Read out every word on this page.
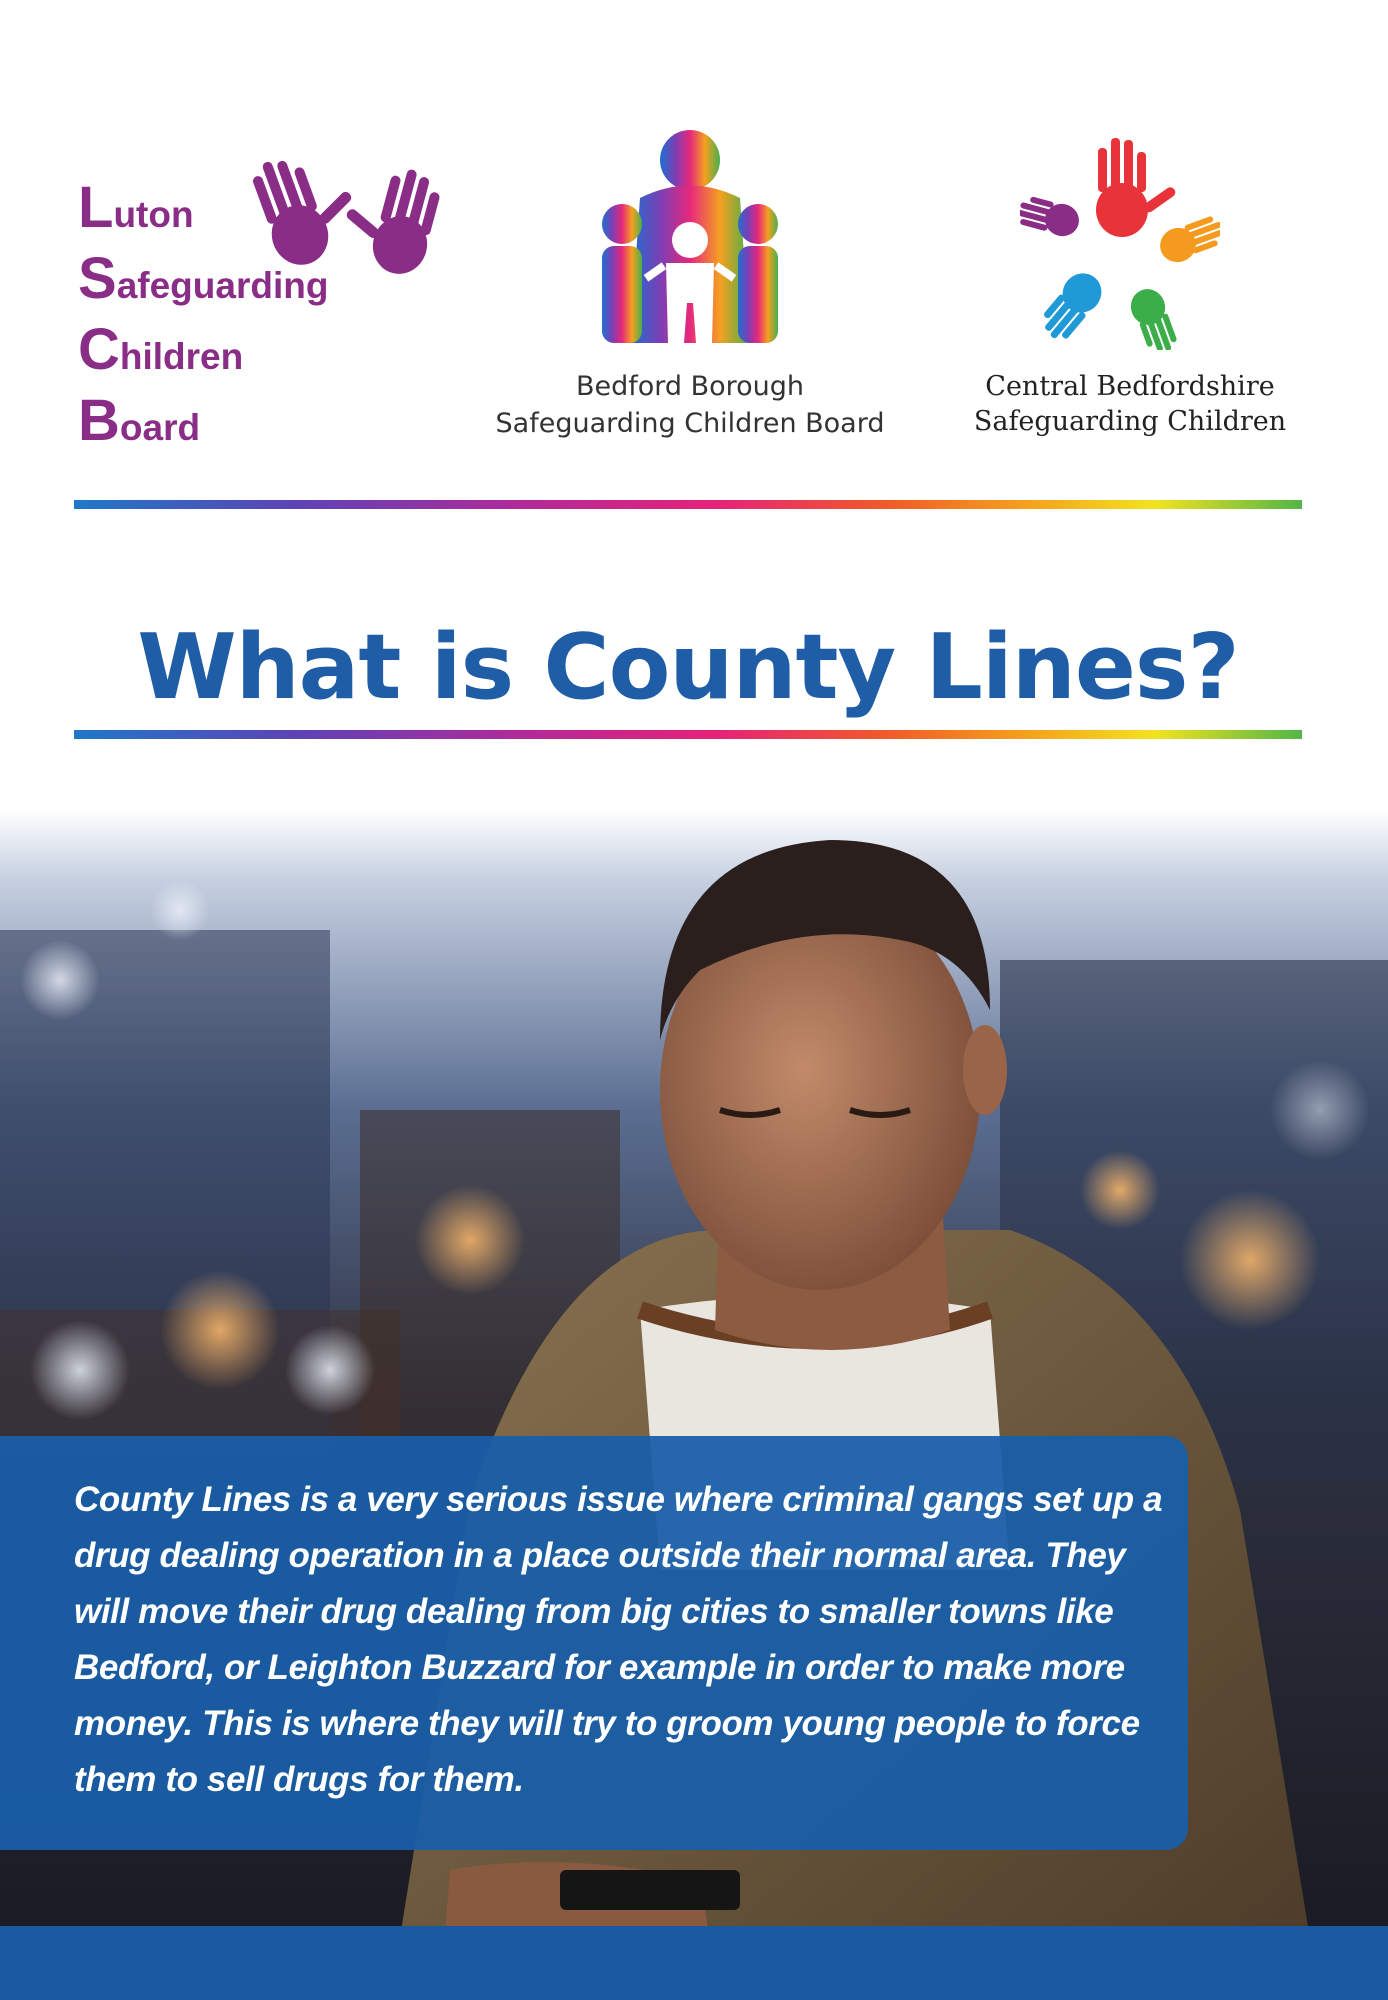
Luton
Safeguarding
Children
Board
Bedford Borough
Safeguarding Children Board
Central Bedfordshire
Safeguarding Children
What is County Lines?

County Lines is a very serious issue where criminal gangs set up a drug dealing operation in a place outside their normal area. They will move their drug dealing from big cities to smaller towns like Bedford, or Leighton Buzzard for example in order to make more money. This is where they will try to groom young people to force them to sell drugs for them.
